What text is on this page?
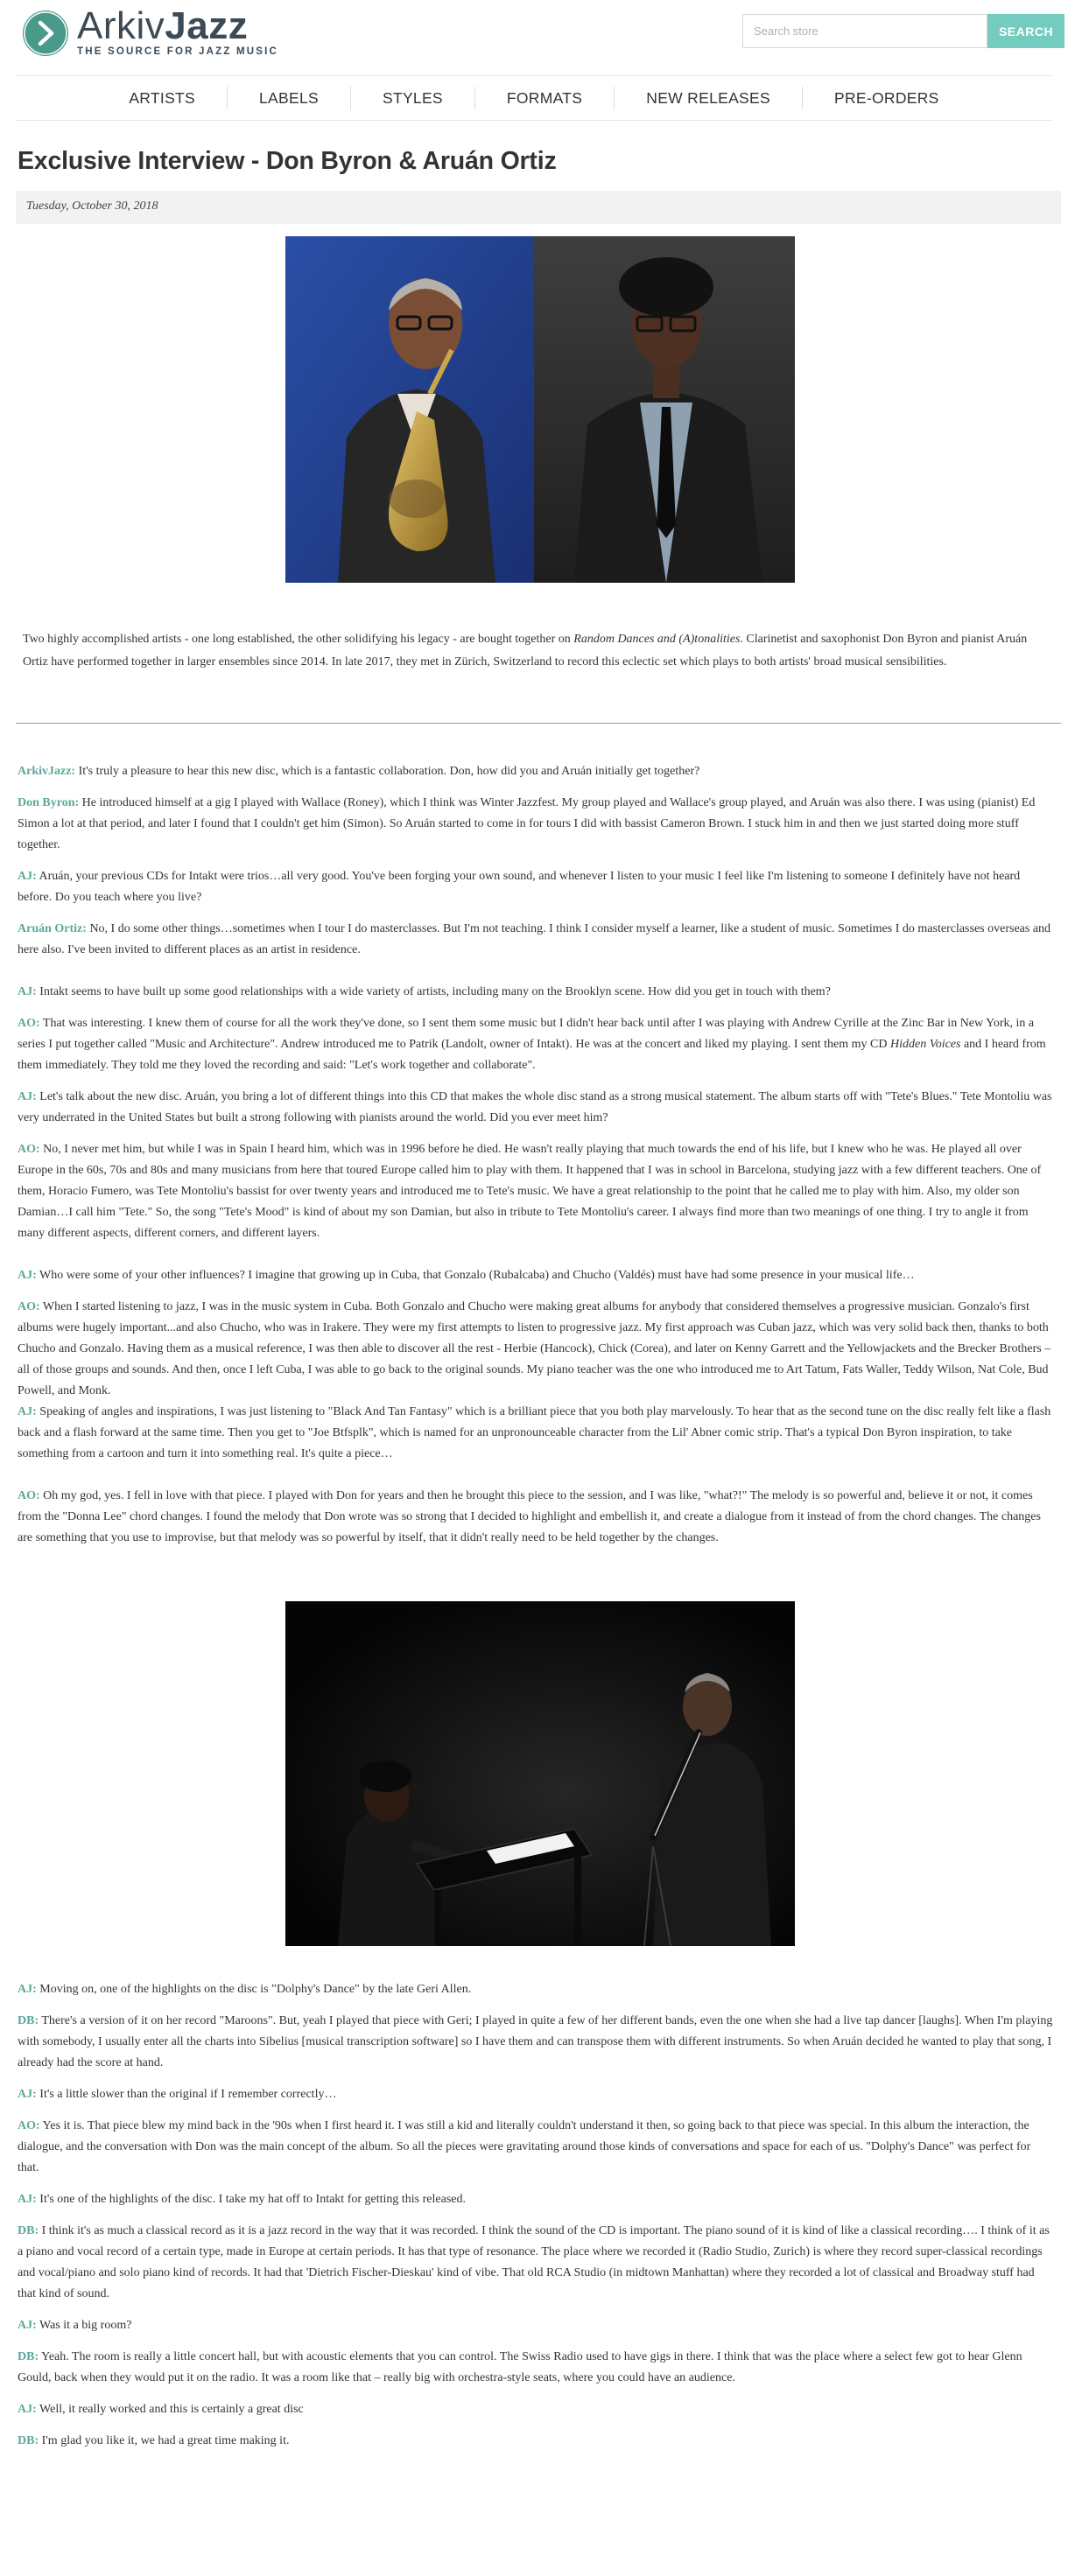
ArkivJazz
THE SOURCE FOR JAZZ MUSIC
Search store
SEARCH
ARTISTS	LABELS	STYLES	FORMATS	NEW RELEASES	PRE-ORDERS
Exclusive Interview - Don Byron & Aruán Ortiz
Tuesday, October 30, 2018

Two highly accomplished artists - one long established, the other solidifying his legacy - are bought together on Random Dances and (A)tonalities. Clarinetist and saxophonist Don Byron and pianist Aruán Ortiz have performed together in larger ensembles since 2014. In late 2017, they met in Zürich, Switzerland to record this eclectic set which plays to both artists' broad musical sensibilities.

ArkivJazz: It's truly a pleasure to hear this new disc, which is a fantastic collaboration. Don, how did you and Aruán initially get together?

Don Byron: He introduced himself at a gig I played with Wallace (Roney), which I think was Winter Jazzfest. My group played and Wallace's group played, and Aruán was also there. I was using (pianist) Ed Simon a lot at that period, and later I found that I couldn't get him (Simon). So Aruán started to come in for tours I did with bassist Cameron Brown. I stuck him in and then we just started doing more stuff together.

AJ: Aruán, your previous CDs for Intakt were trios…all very good. You've been forging your own sound, and whenever I listen to your music I feel like I'm listening to someone I definitely have not heard before. Do you teach where you live?

Aruán Ortiz: No, I do some other things…sometimes when I tour I do masterclasses. But I'm not teaching. I think I consider myself a learner, like a student of music. Sometimes I do masterclasses overseas and here also. I've been invited to different places as an artist in residence.

AJ: Intakt seems to have built up some good relationships with a wide variety of artists, including many on the Brooklyn scene. How did you get in touch with them?

AO: That was interesting. I knew them of course for all the work they've done, so I sent them some music but I didn't hear back until after I was playing with Andrew Cyrille at the Zinc Bar in New York, in a series I put together called "Music and Architecture". Andrew introduced me to Patrik (Landolt, owner of Intakt). He was at the concert and liked my playing. I sent them my CD Hidden Voices and I heard from them immediately. They told me they loved the recording and said: "Let's work together and collaborate".

AJ: Let's talk about the new disc. Aruán, you bring a lot of different things into this CD that makes the whole disc stand as a strong musical statement. The album starts off with "Tete's Blues." Tete Montoliu was very underrated in the United States but built a strong following with pianists around the world. Did you ever meet him?

AO: No, I never met him, but while I was in Spain I heard him, which was in 1996 before he died. He wasn't really playing that much towards the end of his life, but I knew who he was. He played all over Europe in the 60s, 70s and 80s and many musicians from here that toured Europe called him to play with them. It happened that I was in school in Barcelona, studying jazz with a few different teachers. One of them, Horacio Fumero, was Tete Montoliu's bassist for over twenty years and introduced me to Tete's music. We have a great relationship to the point that he called me to play with him. Also, my older son Damian…I call him "Tete." So, the song "Tete's Mood" is kind of about my son Damian, but also in tribute to Tete Montoliu's career. I always find more than two meanings of one thing. I try to angle it from many different aspects, different corners, and different layers.

AJ: Who were some of your other influences? I imagine that growing up in Cuba, that Gonzalo (Rubalcaba) and Chucho (Valdés) must have had some presence in your musical life…

AO: When I started listening to jazz, I was in the music system in Cuba. Both Gonzalo and Chucho were making great albums for anybody that considered themselves a progressive musician. Gonzalo's first albums were hugely important...and also Chucho, who was in Irakere. They were my first attempts to listen to progressive jazz. My first approach was Cuban jazz, which was very solid back then, thanks to both Chucho and Gonzalo. Having them as a musical reference, I was then able to discover all the rest - Herbie (Hancock), Chick (Corea), and later on Kenny Garrett and the Yellowjackets and the Brecker Brothers – all of those groups and sounds. And then, once I left Cuba, I was able to go back to the original sounds. My piano teacher was the one who introduced me to Art Tatum, Fats Waller, Teddy Wilson, Nat Cole, Bud Powell, and Monk.

AJ: Speaking of angles and inspirations, I was just listening to "Black And Tan Fantasy" which is a brilliant piece that you both play marvelously. To hear that as the second tune on the disc really felt like a flash back and a flash forward at the same time. Then you get to "Joe Btfsplk", which is named for an unpronounceable character from the Lil' Abner comic strip. That's a typical Don Byron inspiration, to take something from a cartoon and turn it into something real. It's quite a piece…

AO: Oh my god, yes. I fell in love with that piece. I played with Don for years and then he brought this piece to the session, and I was like, "what?!" The melody is so powerful and, believe it or not, it comes from the "Donna Lee" chord changes. I found the melody that Don wrote was so strong that I decided to highlight and embellish it, and create a dialogue from it instead of from the chord changes. The changes are something that you use to improvise, but that melody was so powerful by itself, that it didn't really need to be held together by the changes.

AJ: Moving on, one of the highlights on the disc is "Dolphy's Dance" by the late Geri Allen.

DB: There's a version of it on her record "Maroons". But, yeah I played that piece with Geri; I played in quite a few of her different bands, even the one when she had a live tap dancer [laughs]. When I'm playing with somebody, I usually enter all the charts into Sibelius [musical transcription software] so I have them and can transpose them with different instruments. So when Aruán decided he wanted to play that song, I already had the score at hand.

AJ: It's a little slower than the original if I remember correctly…

AO: Yes it is. That piece blew my mind back in the '90s when I first heard it. I was still a kid and literally couldn't understand it then, so going back to that piece was special. In this album the interaction, the dialogue, and the conversation with Don was the main concept of the album. So all the pieces were gravitating around those kinds of conversations and space for each of us. "Dolphy's Dance" was perfect for that.

AJ: It's one of the highlights of the disc. I take my hat off to Intakt for getting this released.

DB: I think it's as much a classical record as it is a jazz record in the way that it was recorded. I think the sound of the CD is important. The piano sound of it is kind of like a classical recording…. I think of it as a piano and vocal record of a certain type, made in Europe at certain periods. It has that type of resonance. The place where we recorded it (Radio Studio, Zurich) is where they record super-classical recordings and vocal/piano and solo piano kind of records. It had that 'Dietrich Fischer-Dieskau' kind of vibe. That old RCA Studio (in midtown Manhattan) where they recorded a lot of classical and Broadway stuff had that kind of sound.

AJ: Was it a big room?

DB: Yeah. The room is really a little concert hall, but with acoustic elements that you can control. The Swiss Radio used to have gigs in there. I think that was the place where a select few got to hear Glenn Gould, back when they would put it on the radio. It was a room like that – really big with orchestra-style seats, where you could have an audience.

AJ: Well, it really worked and this is certainly a great disc

DB: I'm glad you like it, we had a great time making it.
